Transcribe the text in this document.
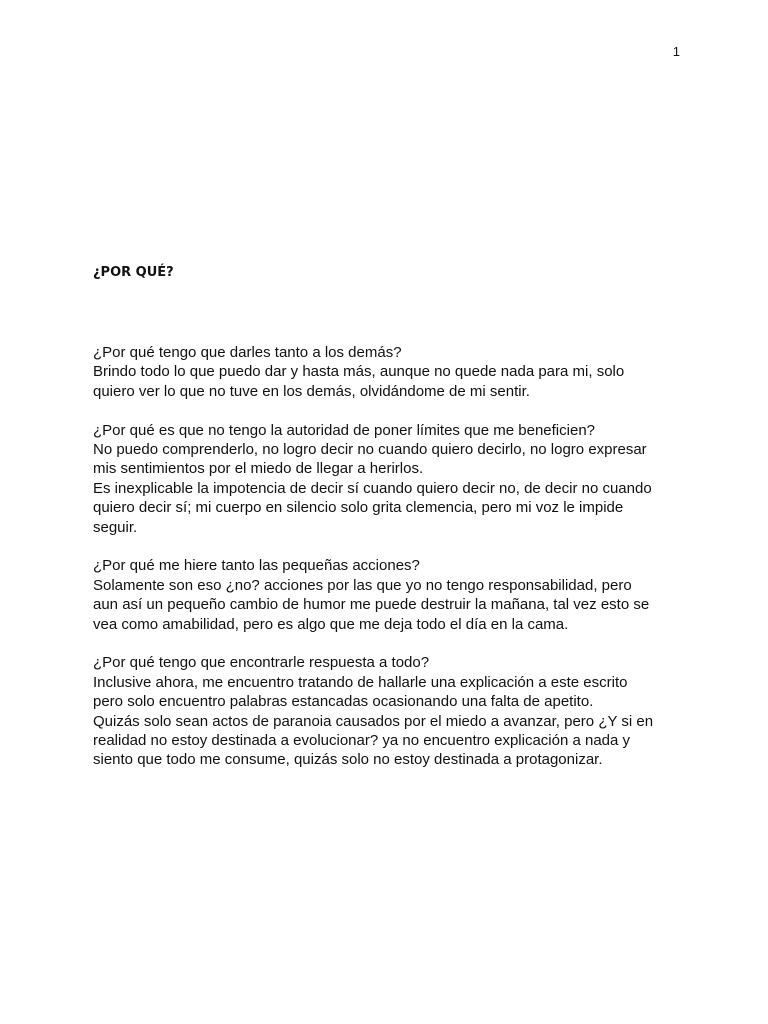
1
¿POR QUÉ?
¿Por qué tengo que darles tanto a los demás?
Brindo todo lo que puedo dar y hasta más, aunque no quede nada para mi, solo
quiero ver lo que no tuve en los demás, olvidándome de mi sentir.
¿Por qué es que no tengo la autoridad de poner límites que me beneficien?
No puedo comprenderlo, no logro decir no cuando quiero decirlo, no logro expresar
mis sentimientos por el miedo de llegar a herirlos.
Es inexplicable la impotencia de decir sí cuando quiero decir no, de decir no cuando
quiero decir sí; mi cuerpo en silencio solo grita clemencia, pero mi voz le impide
seguir.
¿Por qué me hiere tanto las pequeñas acciones?
Solamente son eso ¿no? acciones por las que yo no tengo responsabilidad, pero
aun así un pequeño cambio de humor me puede destruir la mañana, tal vez esto se
vea como amabilidad, pero es algo que me deja todo el día en la cama.
¿Por qué tengo que encontrarle respuesta a todo?
Inclusive ahora, me encuentro tratando de hallarle una explicación a este escrito
pero solo encuentro palabras estancadas ocasionando una falta de apetito.
Quizás solo sean actos de paranoia causados por el miedo a avanzar, pero ¿Y si en
realidad no estoy destinada a evolucionar? ya no encuentro explicación a nada y
siento que todo me consume, quizás solo no estoy destinada a protagonizar.
